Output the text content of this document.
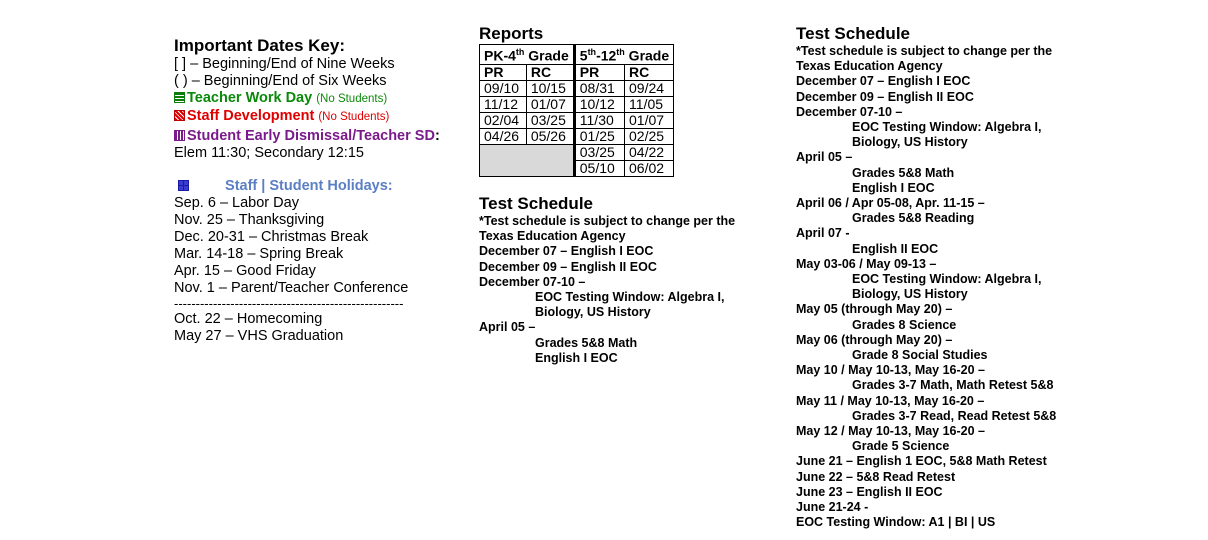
Important Dates Key:
[ ] – Beginning/End of Nine Weeks
( ) – Beginning/End of Six Weeks
Teacher Work Day (No Students)
Staff Development (No Students)
Student Early Dismissal/Teacher SD:
Elem 11:30; Secondary 12:15
Staff | Student Holidays:
Sep. 6 – Labor Day
Nov. 25 – Thanksgiving
Dec. 20-31 – Christmas Break
Mar. 14-18 – Spring Break
Apr. 15 – Good Friday
Nov. 1 – Parent/Teacher Conference
-----------------------------------------------------
Oct. 22 – Homecoming
May 27 – VHS Graduation
Reports
PK-4th Grade		5th-12th Grade	
PR	RC	PR	RC
09/10	10/15	08/31	09/24
11/12	01/07	10/12	11/05
02/04	03/25	11/30	01/07
04/26	05/26	01/25	02/25
		03/25	04/22
		05/10	06/02
Test Schedule
*Test schedule is subject to change per the
Texas Education Agency
December 07 – English I EOC
December 09 – English II EOC
December 07-10 –
EOC Testing Window: Algebra I,
Biology, US History
April 05 –
Grades 5&8 Math
English I EOC
Test Schedule
*Test schedule is subject to change per the
Texas Education Agency
December 07 – English I EOC
December 09 – English II EOC
December 07-10 –
EOC Testing Window: Algebra I,
Biology, US History
April 05 –
Grades 5&8 Math
English I EOC
April 06 / Apr 05-08, Apr. 11-15 –
Grades 5&8 Reading
April 07 -
English II EOC
May 03-06 / May 09-13 –
EOC Testing Window: Algebra I,
Biology, US History
May 05 (through May 20) –
Grades 8 Science
May 06 (through May 20) –
Grade 8 Social Studies
May 10 / May 10-13, May 16-20 –
Grades 3-7 Math, Math Retest 5&8
May 11 / May 10-13, May 16-20 –
Grades 3-7 Read, Read Retest 5&8
May 12 / May 10-13, May 16-20 –
Grade 5 Science
June 21 – English 1 EOC, 5&8 Math Retest
June 22 – 5&8 Read Retest
June 23 – English II EOC
June 21-24 -
EOC Testing Window: A1 | BI | US
